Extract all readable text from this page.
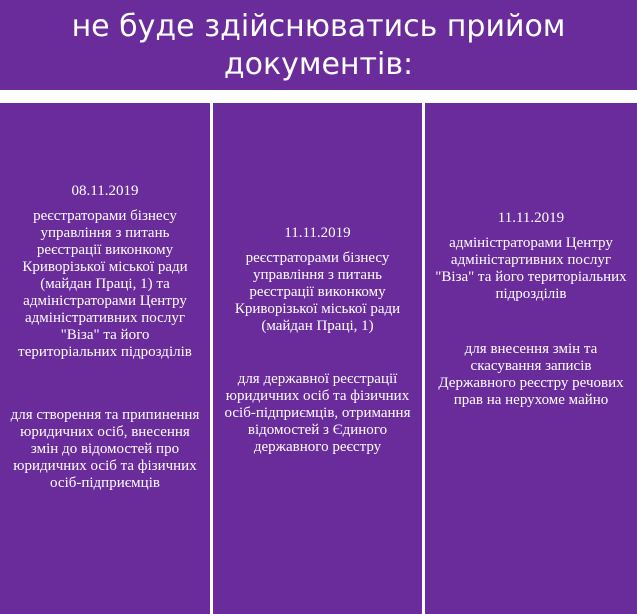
не буде здійснюватись прийом документів:
08.11.2019
реєстраторами бізнесу управління з питань реєстрації виконкому Криворізької міської ради (майдан Праці, 1) та адміністраторами Центру адміністративних послуг "Віза" та його територіальних підрозділів
для створення та припинення юридичних осіб, внесення змін до відомостей про юридичних осіб та фізичних осіб-підприємців
11.11.2019
реєстраторами бізнесу управління з питань реєстрації виконкому Криворізької міської ради (майдан Праці, 1)
для державної реєстрації юридичних осіб та фізичних осіб-підприємців, отримання відомостей з Єдиного державного реєстру
11.11.2019
адміністраторами Центру адміністартивних послуг "Віза" та його територіальних підрозділів
для внесення змін та скасування записів Державного реєстру речових прав на нерухоме майно
